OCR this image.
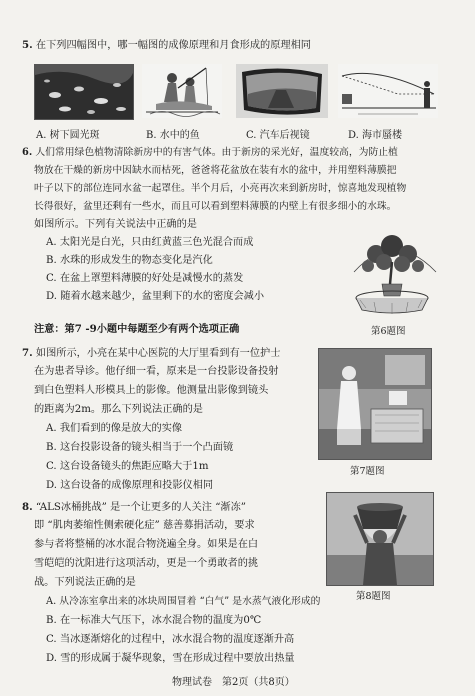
5. 在下列四幅图中，哪一幅图的成像原理和月食形成的原理相同
A. 树下圆光斑	B. 水中的鱼	C. 汽车后视镜	D. 海市蜃楼
6. 人们常用绿色植物清除新房中的有害气体。由于新房的采光好，温度较高，为防止植
物放在干燥的新房中因缺水而枯死，爸爸将花盆放在装有水的盆中，并用塑料薄膜把
叶子以下的部位连同水盆一起罩住。半个月后，小亮再次来到新房时，惊喜地发现植物
长得很好，盆里还剩有一些水，而且可以看到塑料薄膜的内壁上有很多细小的水珠。
如图所示。下列有关说法中正确的是
A. 太阳光是白光，只由红黄蓝三色光混合而成
B. 水珠的形成发生的物态变化是汽化
C. 在盆上罩塑料薄膜的好处是减慢水的蒸发
D. 随着水越来越少，盆里剩下的水的密度会减小
第6题图
注意：第7 -9小题中每题至少有两个选项正确
7. 如图所示，小亮在某中心医院的大厅里看到有一位护士
在为患者导诊。他仔细一看，原来是一台投影设备投射
到白色塑料人形模具上的影像。他测量出影像到镜头
的距离为2m。那么下列说法正确的是
A. 我们看到的像是放大的实像
B. 这台投影设备的镜头相当于一个凸面镜
C. 这台设备镜头的焦距应略大于1m
D. 这台设备的成像原理和投影仪相同
第7题图
8. “ALS冰桶挑战” 是一个让更多的人关注 “渐冻”
即 “肌肉萎缩性侧索硬化症” 慈善募捐活动，要求
参与者将整桶的冰水混合物浇遍全身。如果是在白
雪皑皑的沈阳进行这项活动，更是一个勇敢者的挑
战。下列说法正确的是
A. 从冷冻室拿出来的冰块周围冒着 “白气” 是水蒸气液化形成的
B. 在一标准大气压下，冰水混合物的温度为0℃
C. 当冰逐渐熔化的过程中，冰水混合物的温度逐渐升高
D. 雪的形成属于凝华现象，雪在形成过程中要放出热量
第8题图
物理试卷　第2页（共8页）
